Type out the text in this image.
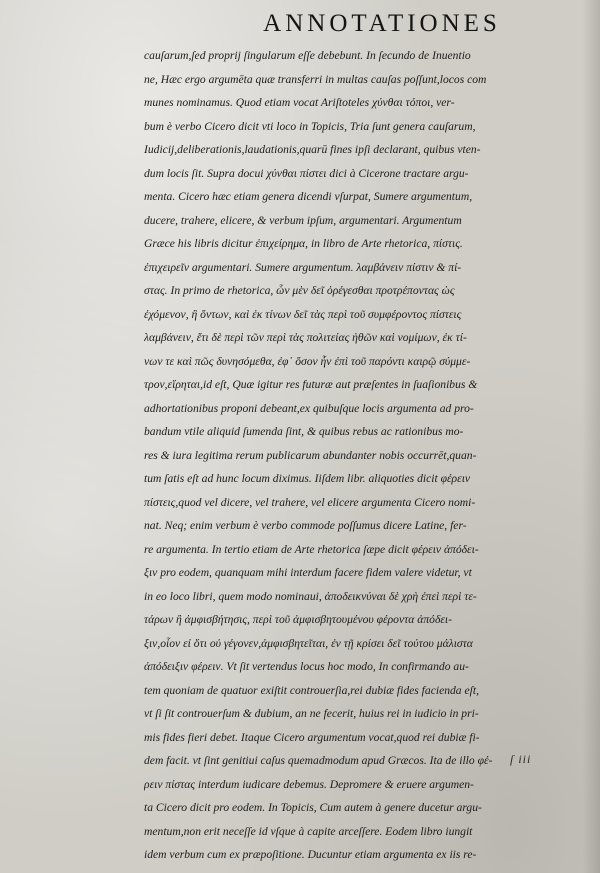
ANNOTATIONES
cauſarum,ſed proprij ſingularum eſſe debebunt. In ſecundo de Inuentio
ne, Hæc ergo argumēta quæ transferri in multas cauſas poſſunt,locos com
munes nominamus. Quod etiam vocat Ariſtoteles χύνθαι τόποι, ver-
bum è verbo Cicero dicit vti loco in Topicis, Tria ſunt genera cauſarum,
Iudicij,deliberationis,laudationis,quarū fines ipſi declarant, quibus vten-
dum locis ſit. Supra docui χύνθαι πίστει dici à Cicerone tractare argu-
menta. Cicero hæc etiam genera dicendi vſurpat, Sumere argumentum,
ducere, trahere, elicere, & verbum ipſum, argumentari. Argumentum
Græce his libris dicitur ἐπιχείρημα, in libro de Arte rhetorica, πίστις.
ἐπιχειρεῖν argumentari. Sumere argumentum. λαμβάνειν πίστιν & πί-
στας. In primo de rhetorica, ὧν μὲν δεῖ ὀρέγεσθαι προτρέποντας ὡς
ἐχόμενον, ἢ ὄντων, καὶ ἐκ τίνων δεῖ τὰς περὶ τοῦ συμφέροντος πίστεις
λαμβάνειν, ἔτι δὲ περὶ τῶν περὶ τὰς πολιτείας ἠθῶν καὶ νομίμων, ἐκ τί-
νων τε καὶ πῶς δυνησόμεθα, ἐφ᾽ ὅσον ἦν ἐπὶ τοῦ παρόντι καιρῷ σύμμε-
τρον,εἴρηται,id eſt, Quæ igitur res futuræ aut præſentes in ſuaſionibus &
adhortationibus proponi debeant,ex quibuſque locis argumenta ad pro-
bandum vtile aliquid ſumenda ſint, & quibus rebus ac rationibus mo-
res & iura legitima rerum publicarum abundanter nobis occurrēt,quan-
tum ſatis eſt ad hunc locum diximus. Iiſdem libr. aliquoties dicit φέρειν
πίστεις,quod vel dicere, vel trahere, vel elicere argumenta Cicero nomi-
nat. Neq; enim verbum è verbo commode poſſumus dicere Latine, fer-
re argumenta. In tertio etiam de Arte rhetorica ſæpe dicit φέρειν ἀπόδει-
ξιν pro eodem, quanquam mihi interdum facere fidem valere videtur, vt
in eo loco libri, quem modo nominaui, ἀποδεικνύναι δὲ χρὴ ἐπεὶ περὶ τε-
τάρων ἢ ἀμφισβήτησις, περὶ τοῦ ἀμφισβητουμένου φέροντα ἀπόδει-
ξιν,οἷον εἰ ὅτι οὐ γέγονεν,ἀμφισβητεῖται, ἐν τῇ κρίσει δεῖ τούτου μάλιστα
ἀπόδειξιν φέρειν. Vt ſit vertendus locus hoc modo, In confirmando au-
tem quoniam de quatuor exiſtit controuerſia,rei dubiæ fides facienda eſt,
vt ſi ſit controuerſum & dubium, an ne fecerit, huius rei in iudicio in pri-
mis fides fieri debet. Itaque Cicero argumentum vocat,quod rei dubiæ fi-
dem facit. vt ſint genitiui caſus quemadmodum apud Græcos. Ita de illo φέ-
ρειν πίστας interdum iudicare debemus. Depromere & eruere argumen-
ta Cicero dicit pro eodem. In Topicis, Cum autem à genere ducetur argu-
mentum,non erit neceſſe id vſque à capite arceſſere. Eodem libro iungit
idem verbum cum ex præpoſitione. Ducuntur etiam argumenta ex iis re-
ſ iii
